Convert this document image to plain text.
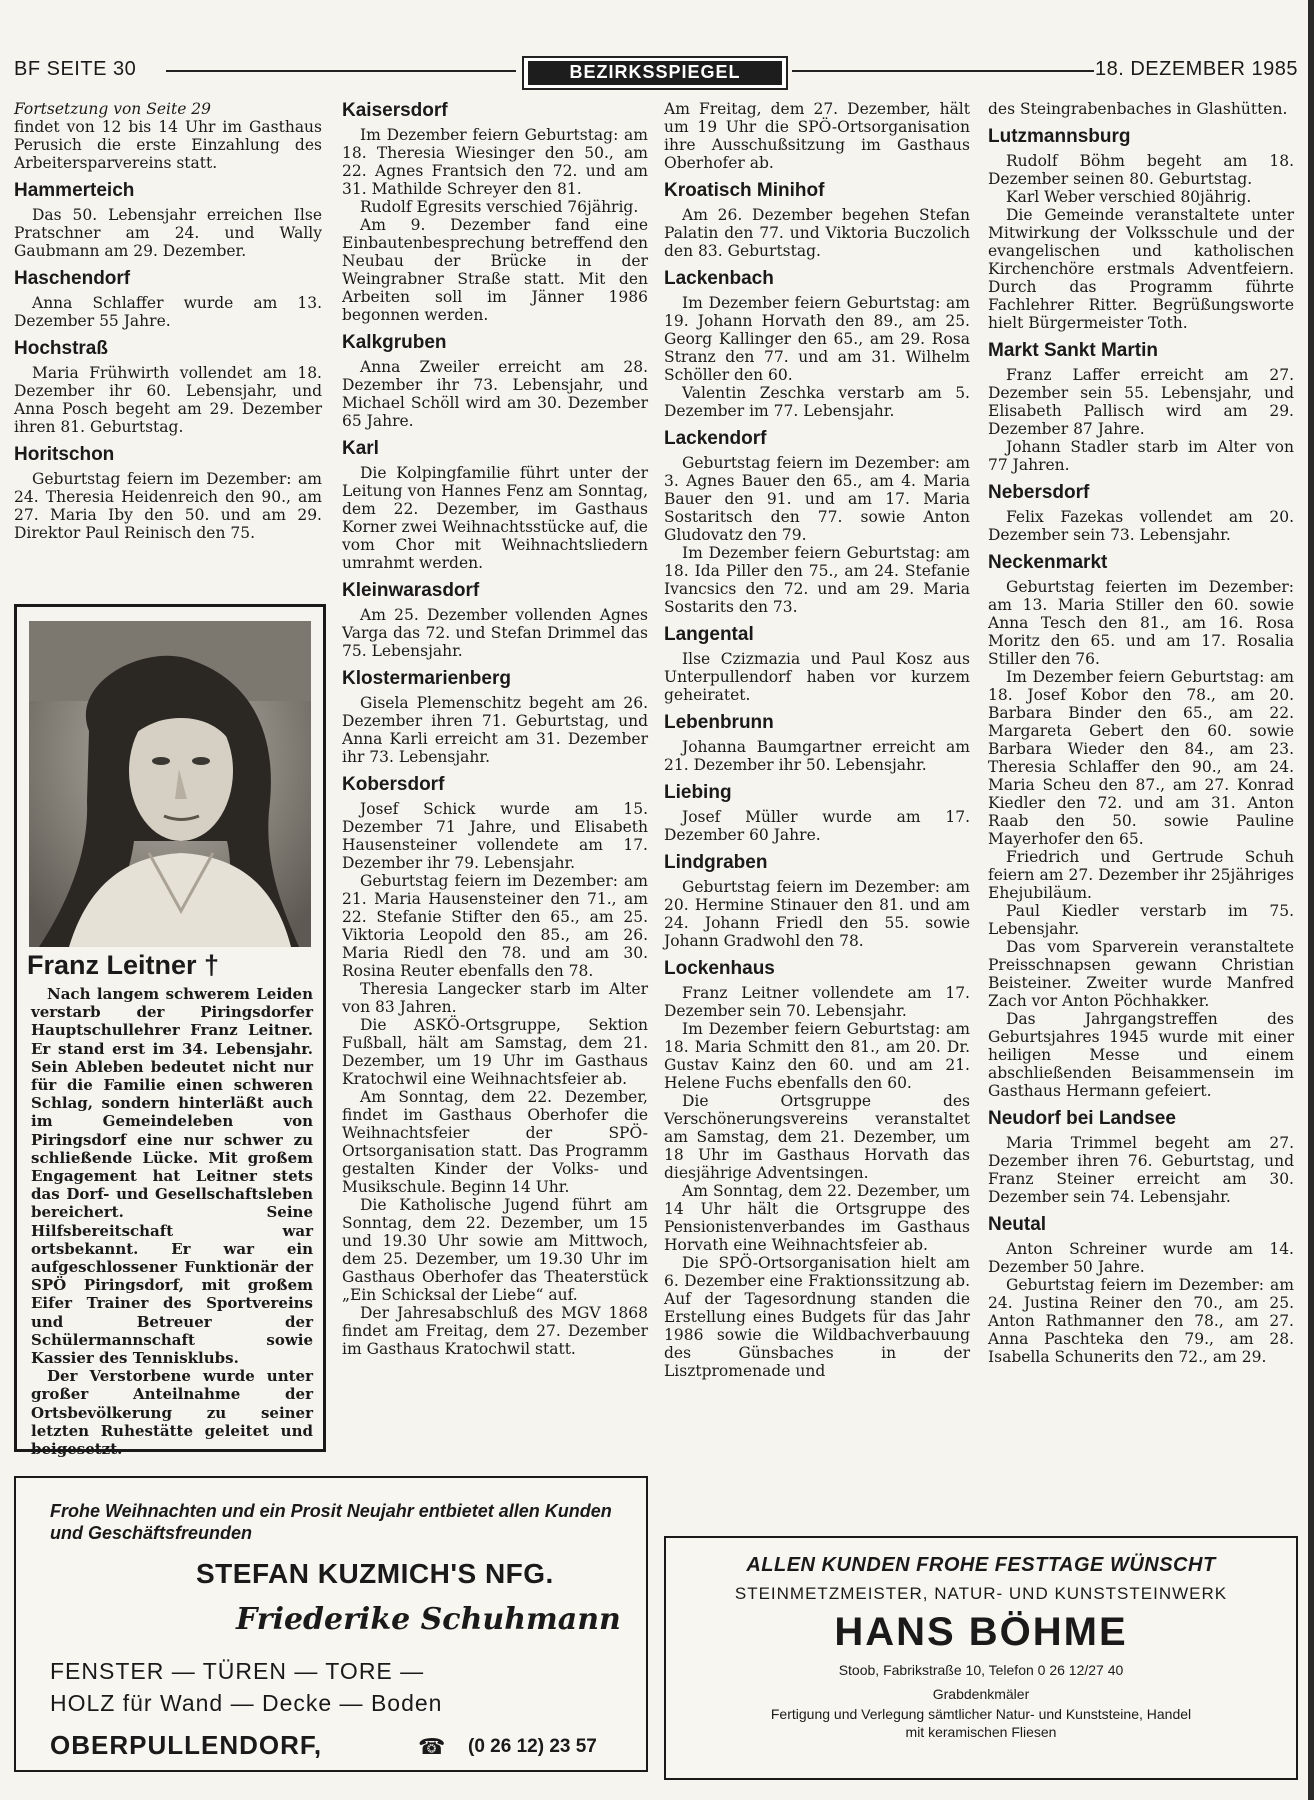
BF SEITE 30	BEZIRKSSPIEGEL	18. DEZEMBER 1985

Fortsetzung von Seite 29

findet von 12 bis 14 Uhr im Gasthaus Perusich die erste Einzahlung des Arbeitersparvereins statt.

Hammerteich

Das 50. Lebensjahr erreichen Ilse Pratschner am 24. und Wally Gaubmann am 29. Dezember.

Haschendorf

Anna Schlaffer wurde am 13. Dezember 55 Jahre.

Hochstraß

Maria Frühwirth vollendet am 18. Dezember ihr 60. Lebensjahr, und Anna Posch begeht am 29. Dezember ihren 81. Geburtstag.

Horitschon

Geburtstag feiern im Dezember: am 24. Theresia Heidenreich den 90., am 27. Maria Iby den 50. und am 29. Direktor Paul Reinisch den 75.

Franz Leitner †

Nach langem schwerem Leiden verstarb der Piringsdorfer Hauptschullehrer Franz Leitner. Er stand erst im 34. Lebensjahr. Sein Ableben bedeutet nicht nur für die Familie einen schweren Schlag, sondern hinterläßt auch im Gemeindeleben von Piringsdorf eine nur schwer zu schließende Lücke. Mit großem Engagement hat Leitner stets das Dorf- und Gesellschaftsleben bereichert. Seine Hilfsbereitschaft war ortsbekannt. Er war ein aufgeschlossener Funktionär der SPÖ Piringsdorf, mit großem Eifer Trainer des Sportvereins und Betreuer der Schülermannschaft sowie Kassier des Tennisklubs.

Der Verstorbene wurde unter großer Anteilnahme der Ortsbevölkerung zu seiner letzten Ruhestätte geleitet und beigesetzt.

Kaisersdorf

Im Dezember feiern Geburtstag: am 18. Theresia Wiesinger den 50., am 22. Agnes Frantsich den 72. und am 31. Mathilde Schreyer den 81.

Rudolf Egresits verschied 76jährig.

Am 9. Dezember fand eine Einbautenbesprechung betreffend den Neubau der Brücke in der Weingrabner Straße statt. Mit den Arbeiten soll im Jänner 1986 begonnen werden.

Kalkgruben

Anna Zweiler erreicht am 28. Dezember ihr 73. Lebensjahr, und Michael Schöll wird am 30. Dezember 65 Jahre.

Karl

Die Kolpingfamilie führt unter der Leitung von Hannes Fenz am Sonntag, dem 22. Dezember, im Gasthaus Korner zwei Weihnachtsstücke auf, die vom Chor mit Weihnachtsliedern umrahmt werden.

Kleinwarasdorf

Am 25. Dezember vollenden Agnes Varga das 72. und Stefan Drimmel das 75. Lebensjahr.

Klostermarienberg

Gisela Plemenschitz begeht am 26. Dezember ihren 71. Geburtstag, und Anna Karli erreicht am 31. Dezember ihr 73. Lebensjahr.

Kobersdorf

Josef Schick wurde am 15. Dezember 71 Jahre, und Elisabeth Hausensteiner vollendete am 17. Dezember ihr 79. Lebensjahr.

Geburtstag feiern im Dezember: am 21. Maria Hausensteiner den 71., am 22. Stefanie Stifter den 65., am 25. Viktoria Leopold den 85., am 26. Maria Riedl den 78. und am 30. Rosina Reuter ebenfalls den 78.

Theresia Langecker starb im Alter von 83 Jahren.

Die ASKÖ-Ortsgruppe, Sektion Fußball, hält am Samstag, dem 21. Dezember, um 19 Uhr im Gasthaus Kratochwil eine Weihnachtsfeier ab.

Am Sonntag, dem 22. Dezember, findet im Gasthaus Oberhofer die Weihnachtsfeier der SPÖ-Ortsorganisation statt. Das Programm gestalten Kinder der Volks- und Musikschule. Beginn 14 Uhr.

Die Katholische Jugend führt am Sonntag, dem 22. Dezember, um 15 und 19.30 Uhr sowie am Mittwoch, dem 25. Dezember, um 19.30 Uhr im Gasthaus Oberhofer das Theaterstück „Ein Schicksal der Liebe“ auf.

Der Jahresabschluß des MGV 1868 findet am Freitag, dem 27. Dezember im Gasthaus Kratochwil statt.

Am Freitag, dem 27. Dezember, hält um 19 Uhr die SPÖ-Ortsorganisation ihre Ausschußsitzung im Gasthaus Oberhofer ab.

Kroatisch Minihof

Am 26. Dezember begehen Stefan Palatin den 77. und Viktoria Buczolich den 83. Geburtstag.

Lackenbach

Im Dezember feiern Geburtstag: am 19. Johann Horvath den 89., am 25. Georg Kallinger den 65., am 29. Rosa Stranz den 77. und am 31. Wilhelm Schöller den 60.

Valentin Zeschka verstarb am 5. Dezember im 77. Lebensjahr.

Lackendorf

Geburtstag feiern im Dezember: am 3. Agnes Bauer den 65., am 4. Maria Bauer den 91. und am 17. Maria Sostaritsch den 77. sowie Anton Gludovatz den 79.

Im Dezember feiern Geburtstag: am 18. Ida Piller den 75., am 24. Stefanie Ivancsics den 72. und am 29. Maria Sostarits den 73.

Langental

Ilse Czizmazia und Paul Kosz aus Unterpullendorf haben vor kurzem geheiratet.

Lebenbrunn

Johanna Baumgartner erreicht am 21. Dezember ihr 50. Lebensjahr.

Liebing

Josef Müller wurde am 17. Dezember 60 Jahre.

Lindgraben

Geburtstag feiern im Dezember: am 20. Hermine Stinauer den 81. und am 24. Johann Friedl den 55. sowie Johann Gradwohl den 78.

Lockenhaus

Franz Leitner vollendete am 17. Dezember sein 70. Lebensjahr.

Im Dezember feiern Geburtstag: am 18. Maria Schmitt den 81., am 20. Dr. Gustav Kainz den 60. und am 21. Helene Fuchs ebenfalls den 60.

Die Ortsgruppe des Verschönerungsvereins veranstaltet am Samstag, dem 21. Dezember, um 18 Uhr im Gasthaus Horvath das diesjährige Adventsingen.

Am Sonntag, dem 22. Dezember, um 14 Uhr hält die Ortsgruppe des Pensionistenverbandes im Gasthaus Horvath eine Weihnachtsfeier ab.

Die SPÖ-Ortsorganisation hielt am 6. Dezember eine Fraktionssitzung ab. Auf der Tagesordnung standen die Erstellung eines Budgets für das Jahr 1986 sowie die Wildbachverbauung des Günsbaches in der Lisztpromenade und

des Steingrabenbaches in Glashütten.

Lutzmannsburg

Rudolf Böhm begeht am 18. Dezember seinen 80. Geburtstag.

Karl Weber verschied 80jährig.

Die Gemeinde veranstaltete unter Mitwirkung der Volksschule und der evangelischen und katholischen Kirchenchöre erstmals Adventfeiern. Durch das Programm führte Fachlehrer Ritter. Begrüßungsworte hielt Bürgermeister Toth.

Markt Sankt Martin

Franz Laffer erreicht am 27. Dezember sein 55. Lebensjahr, und Elisabeth Pallisch wird am 29. Dezember 87 Jahre.

Johann Stadler starb im Alter von 77 Jahren.

Nebersdorf

Felix Fazekas vollendet am 20. Dezember sein 73. Lebensjahr.

Neckenmarkt

Geburtstag feierten im Dezember: am 13. Maria Stiller den 60. sowie Anna Tesch den 81., am 16. Rosa Moritz den 65. und am 17. Rosalia Stiller den 76.

Im Dezember feiern Geburtstag: am 18. Josef Kobor den 78., am 20. Barbara Binder den 65., am 22. Margareta Gebert den 60. sowie Barbara Wieder den 84., am 23. Theresia Schlaffer den 90., am 24. Maria Scheu den 87., am 27. Konrad Kiedler den 72. und am 31. Anton Raab den 50. sowie Pauline Mayerhofer den 65.

Friedrich und Gertrude Schuh feiern am 27. Dezember ihr 25jähriges Ehejubiläum.

Paul Kiedler verstarb im 75. Lebensjahr.

Das vom Sparverein veranstaltete Preisschnapsen gewann Christian Beisteiner. Zweiter wurde Manfred Zach vor Anton Pöchhakker.

Das Jahrgangstreffen des Geburtsjahres 1945 wurde mit einer heiligen Messe und einem abschließenden Beisammensein im Gasthaus Hermann gefeiert.

Neudorf bei Landsee

Maria Trimmel begeht am 27. Dezember ihren 76. Geburtstag, und Franz Steiner erreicht am 30. Dezember sein 74. Lebensjahr.

Neutal

Anton Schreiner wurde am 14. Dezember 50 Jahre.

Geburtstag feiern im Dezember: am 24. Justina Reiner den 70., am 25. Anton Rathmanner den 78., am 27. Anna Paschteka den 79., am 28. Isabella Schunerits den 72., am 29.

Frohe Weihnachten und ein Prosit Neujahr entbietet allen Kunden und Geschäftsfreunden
STEFAN KUZMICH'S NFG.
Friederike Schuhmann
FENSTER — TÜREN — TORE —
HOLZ für Wand — Decke — Boden
OBERPULLENDORF,	☎ (0 26 12) 23 57
ALLEN KUNDEN FROHE FESTTAGE WÜNSCHT
STEINMETZMEISTER, NATUR- UND KUNSTSTEINWERK
HANS BÖHME
Stoob, Fabrikstraße 10, Telefon 0 26 12/27 40
Grabdenkmäler
Fertigung und Verlegung sämtlicher Natur- und Kunststeine, Handel
mit keramischen Fliesen
